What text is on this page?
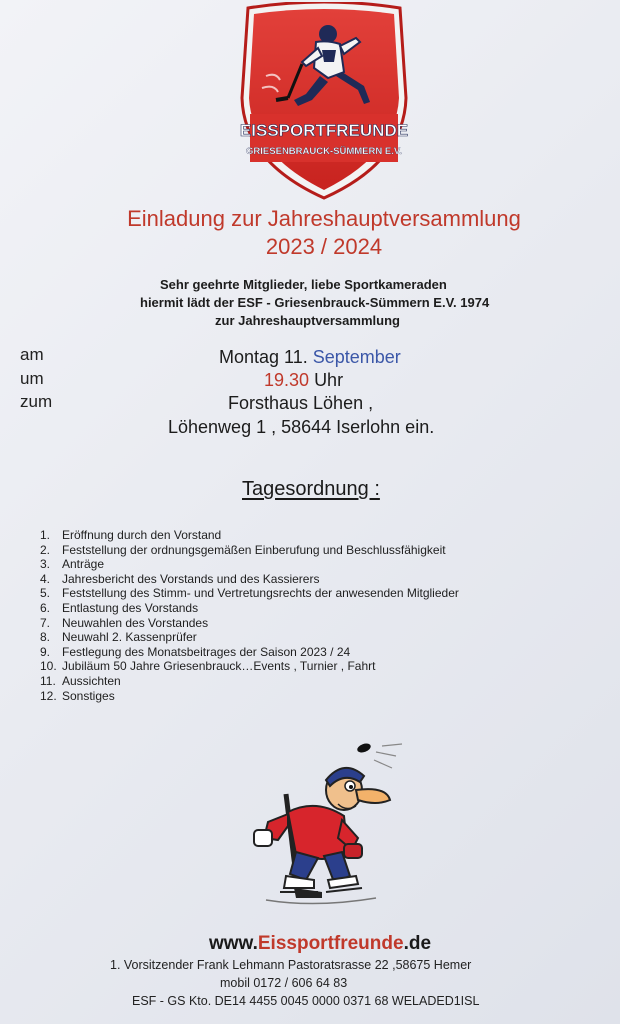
EISSPORTFREUNDE
GRIESENBRAUCK-SÜMMERN E.V.
Einladung zur Jahreshauptversammlung
2023 / 2024
Sehr geehrte Mitglieder, liebe Sportkameraden
hiermit lädt der ESF - Griesenbrauck-Sümmern E.V. 1974
zur Jahreshauptversammlung
am
um
zum
Montag 11. September
19.30 Uhr
Forsthaus Löhen ,
Löhenweg 1 , 58644 Iserlohn ein.
Tagesordnung :
1. Eröffnung durch den Vorstand
2. Feststellung der ordnungsgemäßen Einberufung und Beschlussfähigkeit
3. Anträge
4. Jahresbericht des Vorstands und des Kassierers
5. Feststellung des Stimm- und Vertretungsrechts der anwesenden Mitglieder
6. Entlastung des Vorstands
7. Neuwahlen des Vorstandes
8. Neuwahl 2. Kassenprüfer
9. Festlegung des Monatsbeitrages der Saison 2023 / 24
10. Jubiläum 50 Jahre Griesenbrauck…Events , Turnier , Fahrt
11. Aussichten
12. Sonstiges
www.Eissportfreunde.de
1. Vorsitzender Frank Lehmann Pastoratsrasse 22 ,58675 Hemer
mobil 0172 / 606 64 83
ESF - GS Kto. DE14 4455 0045 0000 0371 68 WELADED1ISL
